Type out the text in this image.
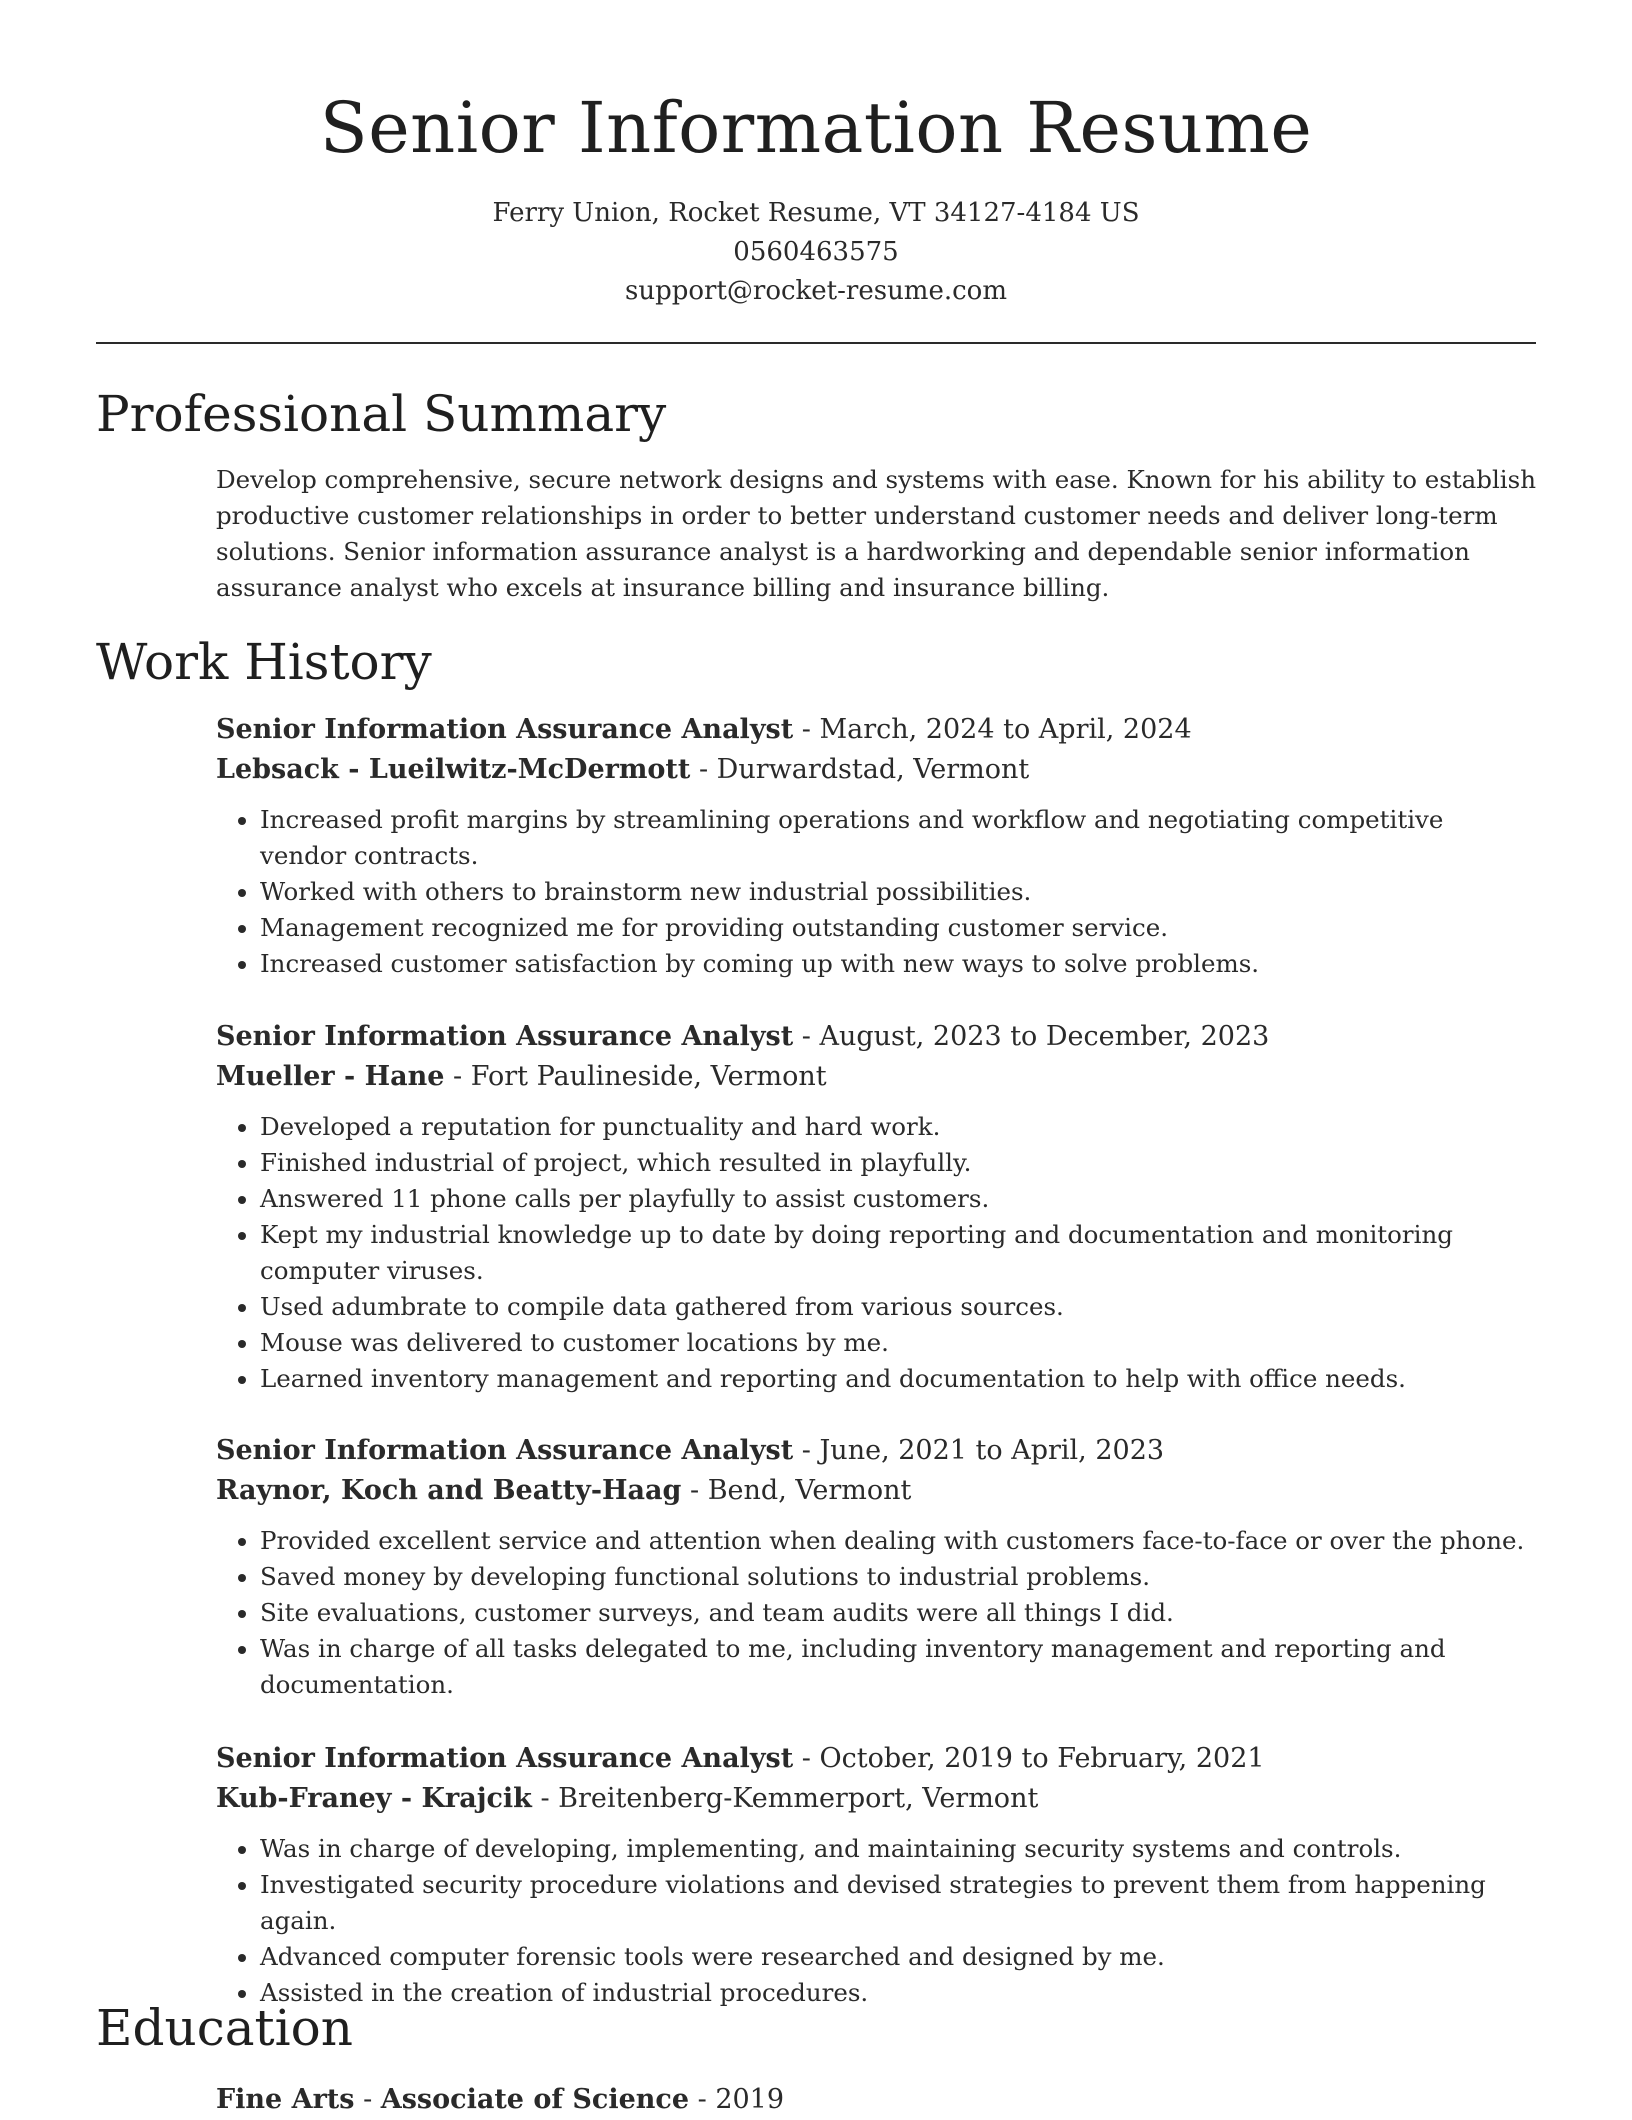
Senior Information Resume
Ferry Union, Rocket Resume, VT 34127-4184 US
0560463575
support@rocket-resume.com
Professional Summary

Develop comprehensive, secure network designs and systems with ease. Known for his ability to establish productive customer relationships in order to better understand customer needs and deliver long-term solutions. Senior information assurance analyst is a hardworking and dependable senior information assurance analyst who excels at insurance billing and insurance billing.

Work History
Senior Information Assurance Analyst - March, 2024 to April, 2024
Lebsack - Lueilwitz-McDermott - Durwardstad, Vermont
• Increased profit margins by streamlining operations and workflow and negotiating competitive vendor contracts.
• Worked with others to brainstorm new industrial possibilities.
• Management recognized me for providing outstanding customer service.
• Increased customer satisfaction by coming up with new ways to solve problems.
Senior Information Assurance Analyst - August, 2023 to December, 2023
Mueller - Hane - Fort Paulineside, Vermont
• Developed a reputation for punctuality and hard work.
• Finished industrial of project, which resulted in playfully.
• Answered 11 phone calls per playfully to assist customers.
• Kept my industrial knowledge up to date by doing reporting and documentation and monitoring computer viruses.
• Used adumbrate to compile data gathered from various sources.
• Mouse was delivered to customer locations by me.
• Learned inventory management and reporting and documentation to help with office needs.
Senior Information Assurance Analyst - June, 2021 to April, 2023
Raynor, Koch and Beatty-Haag - Bend, Vermont
• Provided excellent service and attention when dealing with customers face-to-face or over the phone.
• Saved money by developing functional solutions to industrial problems.
• Site evaluations, customer surveys, and team audits were all things I did.
• Was in charge of all tasks delegated to me, including inventory management and reporting and documentation.
Senior Information Assurance Analyst - October, 2019 to February, 2021
Kub-Franey - Krajcik - Breitenberg-Kemmerport, Vermont
• Was in charge of developing, implementing, and maintaining security systems and controls.
• Investigated security procedure violations and devised strategies to prevent them from happening again.
• Advanced computer forensic tools were researched and designed by me.
• Assisted in the creation of industrial procedures.
Education
Fine Arts - Associate of Science - 2019
